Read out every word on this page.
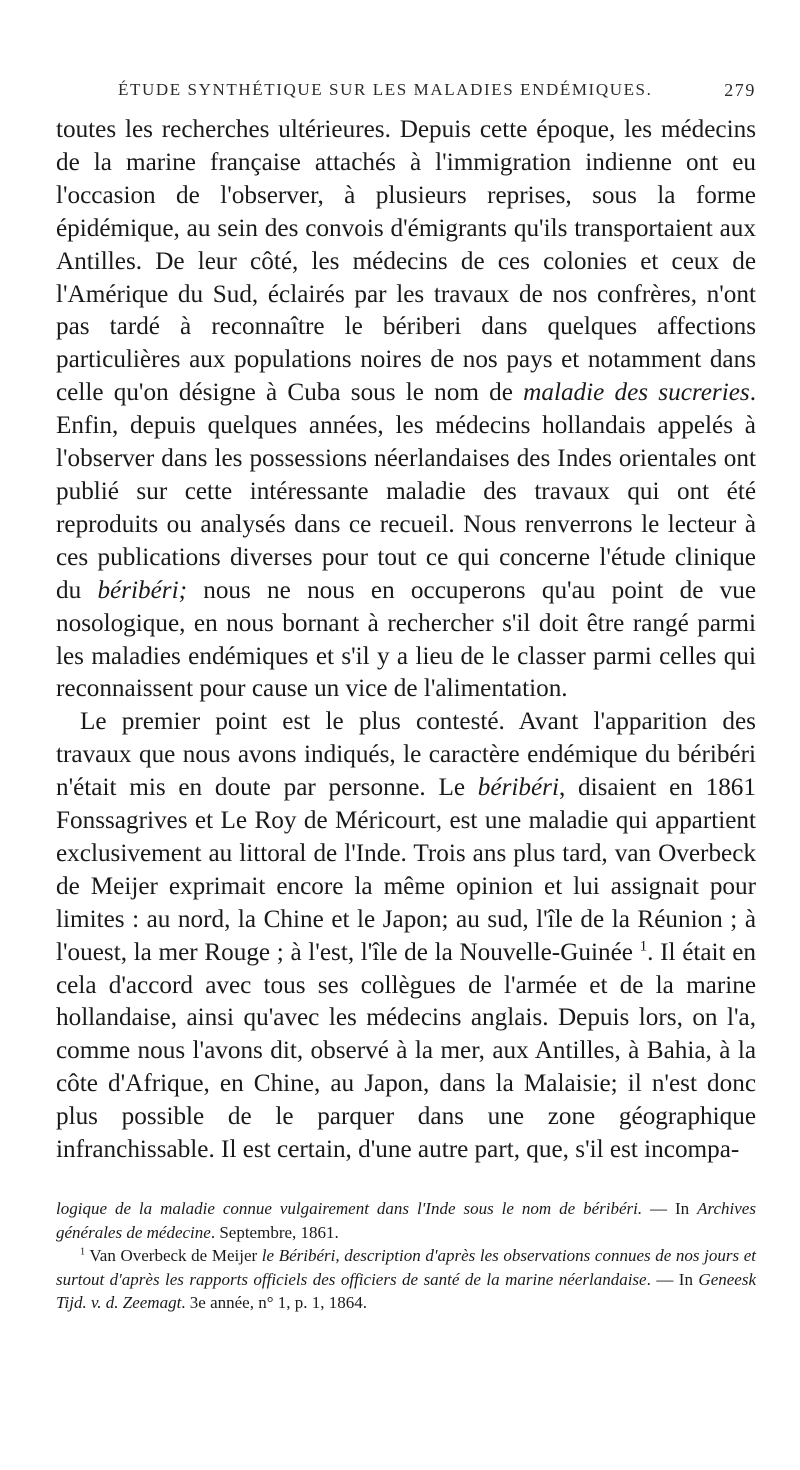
ÉTUDE SYNTHÉTIQUE SUR LES MALADIES ENDÉMIQUES.	279

toutes les recherches ultérieures. Depuis cette époque, les médecins de la marine française attachés à l'immigration indienne ont eu l'occasion de l'observer, à plusieurs reprises, sous la forme épidémique, au sein des convois d'émigrants qu'ils transportaient aux Antilles. De leur côté, les médecins de ces colonies et ceux de l'Amérique du Sud, éclairés par les travaux de nos confrères, n'ont pas tardé à reconnaître le bériberi dans quelques affections particulières aux populations noires de nos pays et notamment dans celle qu'on désigne à Cuba sous le nom de maladie des sucreries. Enfin, depuis quelques années, les médecins hollandais appelés à l'observer dans les possessions néerlandaises des Indes orientales ont publié sur cette intéressante maladie des travaux qui ont été reproduits ou analysés dans ce recueil. Nous renverrons le lecteur à ces publications diverses pour tout ce qui concerne l'étude clinique du béribéri; nous ne nous en occuperons qu'au point de vue nosologique, en nous bornant à rechercher s'il doit être rangé parmi les maladies endémiques et s'il y a lieu de le classer parmi celles qui reconnaissent pour cause un vice de l'alimentation.

Le premier point est le plus contesté. Avant l'apparition des travaux que nous avons indiqués, le caractère endémique du béribéri n'était mis en doute par personne. Le béribéri, disaient en 1861 Fonssagrives et Le Roy de Méricourt, est une maladie qui appartient exclusivement au littoral de l'Inde. Trois ans plus tard, van Overbeck de Meijer exprimait encore la même opinion et lui assignait pour limites : au nord, la Chine et le Japon; au sud, l'île de la Réunion ; à l'ouest, la mer Rouge ; à l'est, l'île de la Nouvelle-Guinée $^1$. Il était en cela d'accord avec tous ses collègues de l'armée et de la marine hollandaise, ainsi qu'avec les médecins anglais. Depuis lors, on l'a, comme nous l'avons dit, observé à la mer, aux Antilles, à Bahia, à la côte d'Afrique, en Chine, au Japon, dans la Malaisie; il n'est donc plus possible de le parquer dans une zone géographique infranchissable. Il est certain, d'une autre part, que, s'il est incompa-

logique de la maladie connue vulgairement dans l'Inde sous le nom de béribéri. — In Archives générales de médecine. Septembre, 1861.

$^1$ Van Overbeck de Meijer le Béribéri, description d'après les observations connues de nos jours et surtout d'après les rapports officiels des officiers de santé de la marine néerlandaise. — In Geneesk Tijd. v. d. Zeemagt. 3e année, n° 1, p. 1, 1864.
